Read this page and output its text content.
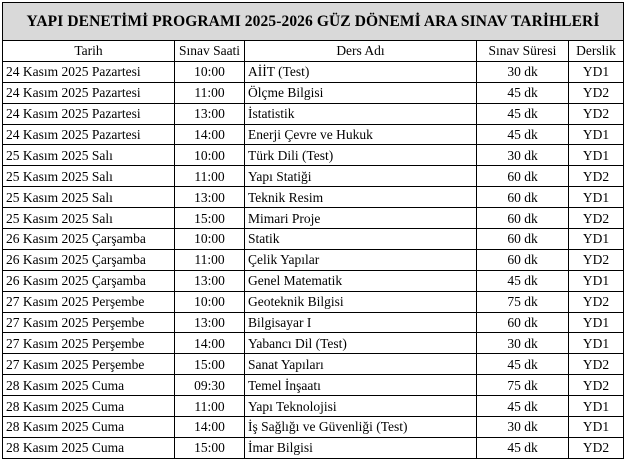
YAPI DENETİMİ PROGRAMI 2025-2026 GÜZ DÖNEMİ ARA SINAV TARİHLERİ				
Tarih	Sınav Saati	Ders Adı	Sınav Süresi	Derslik
24 Kasım 2025 Pazartesi	10:00	AİİT (Test)	30 dk	YD1
24 Kasım 2025 Pazartesi	11:00	Ölçme Bilgisi	45 dk	YD2
24 Kasım 2025 Pazartesi	13:00	İstatistik	45 dk	YD2
24 Kasım 2025 Pazartesi	14:00	Enerji Çevre ve Hukuk	45 dk	YD1
25 Kasım 2025 Salı	10:00	Türk Dili (Test)	30 dk	YD1
25 Kasım 2025 Salı	11:00	Yapı Statiği	60 dk	YD2
25 Kasım 2025 Salı	13:00	Teknik Resim	60 dk	YD1
25 Kasım 2025 Salı	15:00	Mimari Proje	60 dk	YD2
26 Kasım 2025 Çarşamba	10:00	Statik	60 dk	YD1
26 Kasım 2025 Çarşamba	11:00	Çelik Yapılar	60 dk	YD2
26 Kasım 2025 Çarşamba	13:00	Genel Matematik	45 dk	YD1
27 Kasım 2025 Perşembe	10:00	Geoteknik Bilgisi	75 dk	YD2
27 Kasım 2025 Perşembe	13:00	Bilgisayar I	60 dk	YD1
27 Kasım 2025 Perşembe	14:00	Yabancı Dil (Test)	30 dk	YD1
27 Kasım 2025 Perşembe	15:00	Sanat Yapıları	45 dk	YD2
28 Kasım 2025 Cuma	09:30	Temel İnşaatı	75 dk	YD2
28 Kasım 2025 Cuma	11:00	Yapı Teknolojisi	45 dk	YD1
28 Kasım 2025 Cuma	14:00	İş Sağlığı ve Güvenliği (Test)	30 dk	YD1
28 Kasım 2025 Cuma	15:00	İmar Bilgisi	45 dk	YD2
